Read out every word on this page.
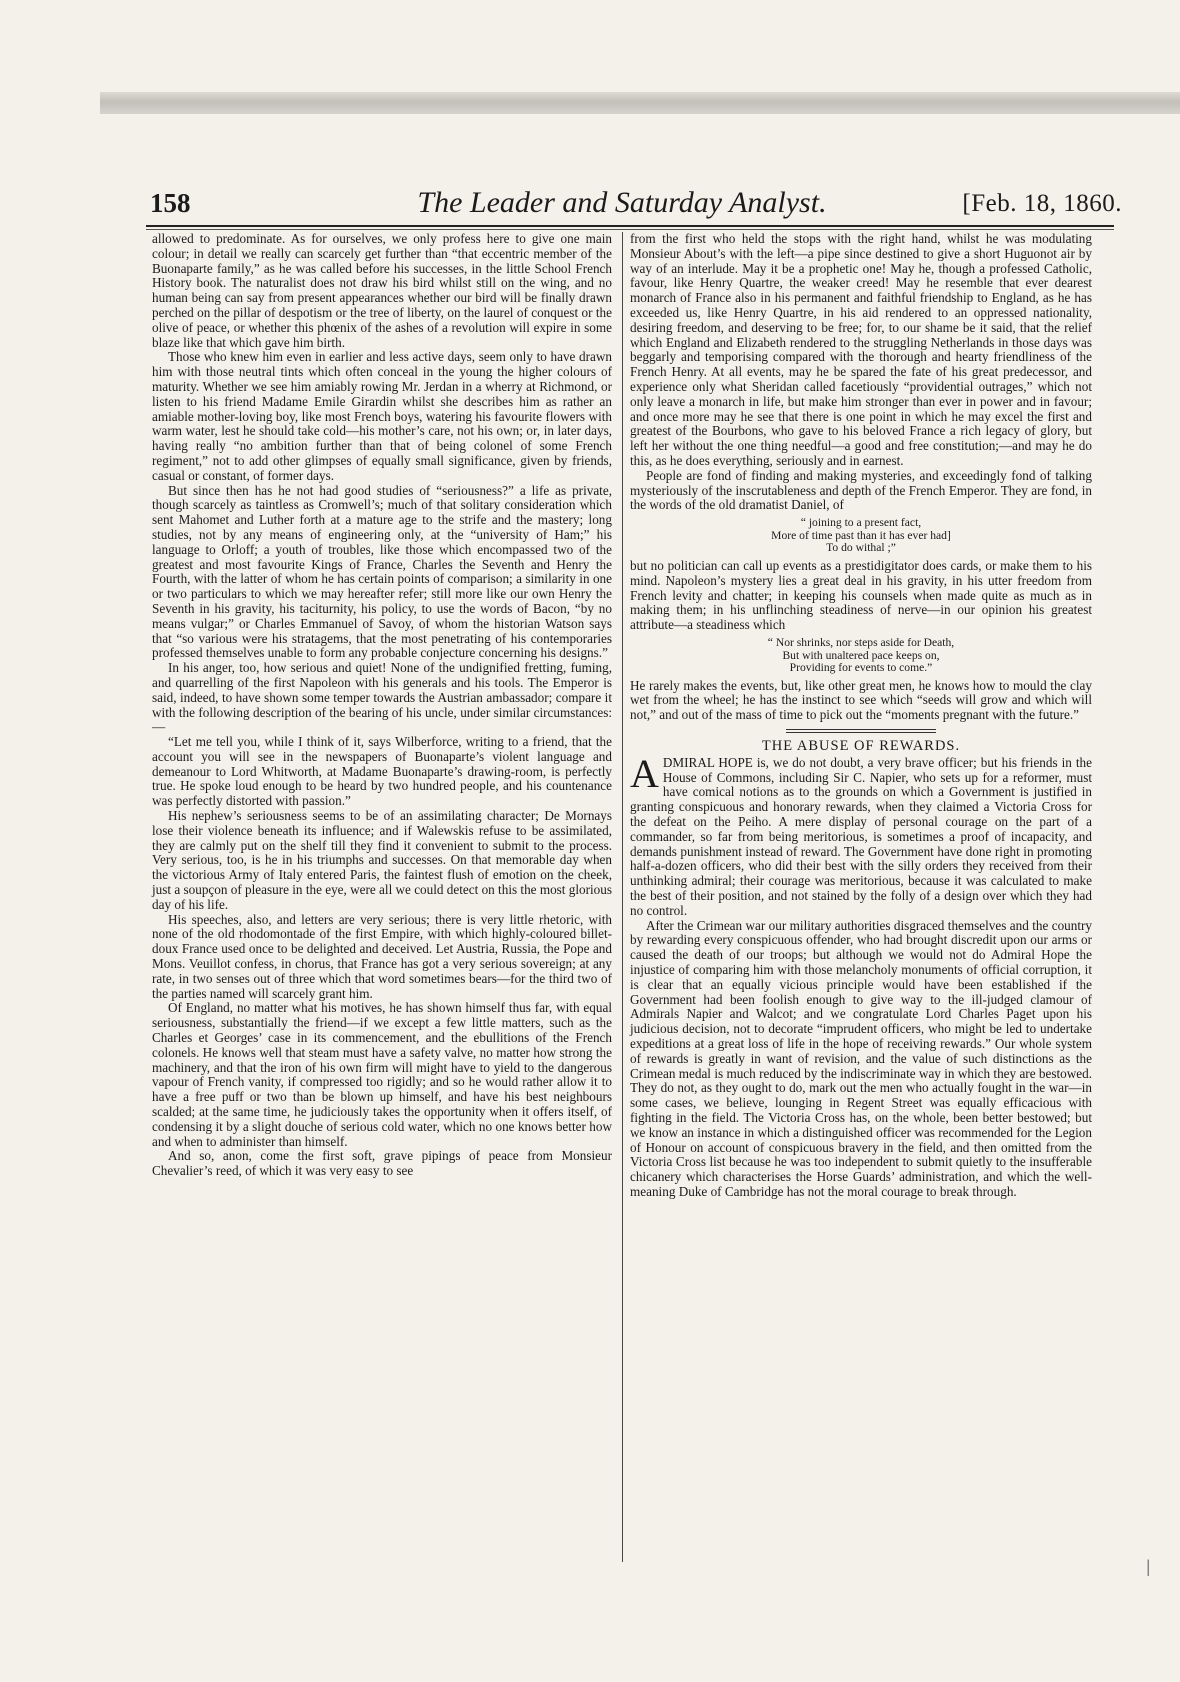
158	The Leader and Saturday Analyst.	[Feb. 18, 1860.

allowed to predominate. As for ourselves, we only profess here to give one main colour; in detail we really can scarcely get further than “that eccentric member of the Buonaparte family,” as he was called before his successes, in the little School French History book. The naturalist does not draw his bird whilst still on the wing, and no human being can say from present appearances whether our bird will be finally drawn perched on the pillar of despotism or the tree of liberty, on the laurel of conquest or the olive of peace, or whether this phœnix of the ashes of a revolution will expire in some blaze like that which gave him birth.

Those who knew him even in earlier and less active days, seem only to have drawn him with those neutral tints which often conceal in the young the higher colours of maturity. Whether we see him amiably rowing Mr. Jerdan in a wherry at Richmond, or listen to his friend Madame Emile Girardin whilst she describes him as rather an amiable mother-loving boy, like most French boys, watering his favourite flowers with warm water, lest he should take cold—his mother’s care, not his own; or, in later days, having really “no ambition further than that of being colonel of some French regiment,” not to add other glimpses of equally small significance, given by friends, casual or constant, of former days.

But since then has he not had good studies of “seriousness?” a life as private, though scarcely as taintless as Cromwell’s; much of that solitary consideration which sent Mahomet and Luther forth at a mature age to the strife and the mastery; long studies, not by any means of engineering only, at the “university of Ham;” his language to Orloff; a youth of troubles, like those which encompassed two of the greatest and most favourite Kings of France, Charles the Seventh and Henry the Fourth, with the latter of whom he has certain points of comparison; a similarity in one or two particulars to which we may hereafter refer; still more like our own Henry the Seventh in his gravity, his taciturnity, his policy, to use the words of Bacon, “by no means vulgar;” or Charles Emmanuel of Savoy, of whom the historian Watson says that “so various were his stratagems, that the most penetrating of his contemporaries professed themselves unable to form any probable conjecture concerning his designs.”

In his anger, too, how serious and quiet! None of the undignified fretting, fuming, and quarrelling of the first Napoleon with his generals and his tools. The Emperor is said, indeed, to have shown some temper towards the Austrian ambassador; compare it with the following description of the bearing of his uncle, under similar circumstances:—

“Let me tell you, while I think of it, says Wilberforce, writing to a friend, that the account you will see in the newspapers of Buonaparte’s violent language and demeanour to Lord Whitworth, at Madame Buonaparte’s drawing-room, is perfectly true. He spoke loud enough to be heard by two hundred people, and his countenance was perfectly distorted with passion.”

His nephew’s seriousness seems to be of an assimilating character; De Mornays lose their violence beneath its influence; and if Walewskis refuse to be assimilated, they are calmly put on the shelf till they find it convenient to submit to the process. Very serious, too, is he in his triumphs and successes. On that memorable day when the victorious Army of Italy entered Paris, the faintest flush of emotion on the cheek, just a soupçon of pleasure in the eye, were all we could detect on this the most glorious day of his life.

His speeches, also, and letters are very serious; there is very little rhetoric, with none of the old rhodomontade of the first Empire, with which highly-coloured billet-doux France used once to be delighted and deceived. Let Austria, Russia, the Pope and Mons. Veuillot confess, in chorus, that France has got a very serious sovereign; at any rate, in two senses out of three which that word sometimes bears—for the third two of the parties named will scarcely grant him.

Of England, no matter what his motives, he has shown himself thus far, with equal seriousness, substantially the friend—if we except a few little matters, such as the Charles et Georges’ case in its commencement, and the ebullitions of the French colonels. He knows well that steam must have a safety valve, no matter how strong the machinery, and that the iron of his own firm will might have to yield to the dangerous vapour of French vanity, if compressed too rigidly; and so he would rather allow it to have a free puff or two than be blown up himself, and have his best neighbours scalded; at the same time, he judiciously takes the opportunity when it offers itself, of condensing it by a slight douche of serious cold water, which no one knows better how and when to administer than himself.

And so, anon, come the first soft, grave pipings of peace from Monsieur Chevalier’s reed, of which it was very easy to see

from the first who held the stops with the right hand, whilst he was modulating Monsieur About’s with the left—a pipe since destined to give a short Huguonot air by way of an interlude. May it be a prophetic one! May he, though a professed Catholic, favour, like Henry Quartre, the weaker creed! May he resemble that ever dearest monarch of France also in his permanent and faithful friendship to England, as he has exceeded us, like Henry Quartre, in his aid rendered to an oppressed nationality, desiring freedom, and deserving to be free; for, to our shame be it said, that the relief which England and Elizabeth rendered to the struggling Netherlands in those days was beggarly and temporising compared with the thorough and hearty friendliness of the French Henry. At all events, may he be spared the fate of his great predecessor, and experience only what Sheridan called facetiously “providential outrages,” which not only leave a monarch in life, but make him stronger than ever in power and in favour; and once more may he see that there is one point in which he may excel the first and greatest of the Bourbons, who gave to his beloved France a rich legacy of glory, but left her without the one thing needful—a good and free constitution;—and may he do this, as he does everything, seriously and in earnest.

People are fond of finding and making mysteries, and exceedingly fond of talking mysteriously of the inscrutableness and depth of the French Emperor. They are fond, in the words of the old dramatist Daniel, of

“ joining to a present fact,
More of time past than it has ever had]
To do withal ;”

but no politician can call up events as a prestidigitator does cards, or make them to his mind. Napoleon’s mystery lies a great deal in his gravity, in his utter freedom from French levity and chatter; in keeping his counsels when made quite as much as in making them; in his unflinching steadiness of nerve—in our opinion his greatest attribute—a steadiness which

“ Nor shrinks, nor steps aside for Death,
But with unaltered pace keeps on,
Providing for events to come.”

He rarely makes the events, but, like other great men, he knows how to mould the clay wet from the wheel; he has the instinct to see which “seeds will grow and which will not,” and out of the mass of time to pick out the “moments pregnant with the future.”

THE ABUSE OF REWARDS.

ADMIRAL HOPE is, we do not doubt, a very brave officer; but his friends in the House of Commons, including Sir C. Napier, who sets up for a reformer, must have comical notions as to the grounds on which a Government is justified in granting conspicuous and honorary rewards, when they claimed a Victoria Cross for the defeat on the Peiho. A mere display of personal courage on the part of a commander, so far from being meritorious, is sometimes a proof of incapacity, and demands punishment instead of reward. The Government have done right in promoting half-a-dozen officers, who did their best with the silly orders they received from their unthinking admiral; their courage was meritorious, because it was calculated to make the best of their position, and not stained by the folly of a design over which they had no control.

After the Crimean war our military authorities disgraced themselves and the country by rewarding every conspicuous offender, who had brought discredit upon our arms or caused the death of our troops; but although we would not do Admiral Hope the injustice of comparing him with those melancholy monuments of official corruption, it is clear that an equally vicious principle would have been established if the Government had been foolish enough to give way to the ill-judged clamour of Admirals Napier and Walcot; and we congratulate Lord Charles Paget upon his judicious decision, not to decorate “imprudent officers, who might be led to undertake expeditions at a great loss of life in the hope of receiving rewards.” Our whole system of rewards is greatly in want of revision, and the value of such distinctions as the Crimean medal is much reduced by the indiscriminate way in which they are bestowed. They do not, as they ought to do, mark out the men who actually fought in the war—in some cases, we believe, lounging in Regent Street was equally efficacious with fighting in the field. The Victoria Cross has, on the whole, been better bestowed; but we know an instance in which a distinguished officer was recommended for the Legion of Honour on account of conspicuous bravery in the field, and then omitted from the Victoria Cross list because he was too independent to submit quietly to the insufferable chicanery which characterises the Horse Guards’ administration, and which the well-meaning Duke of Cambridge has not the moral courage to break through.

|
